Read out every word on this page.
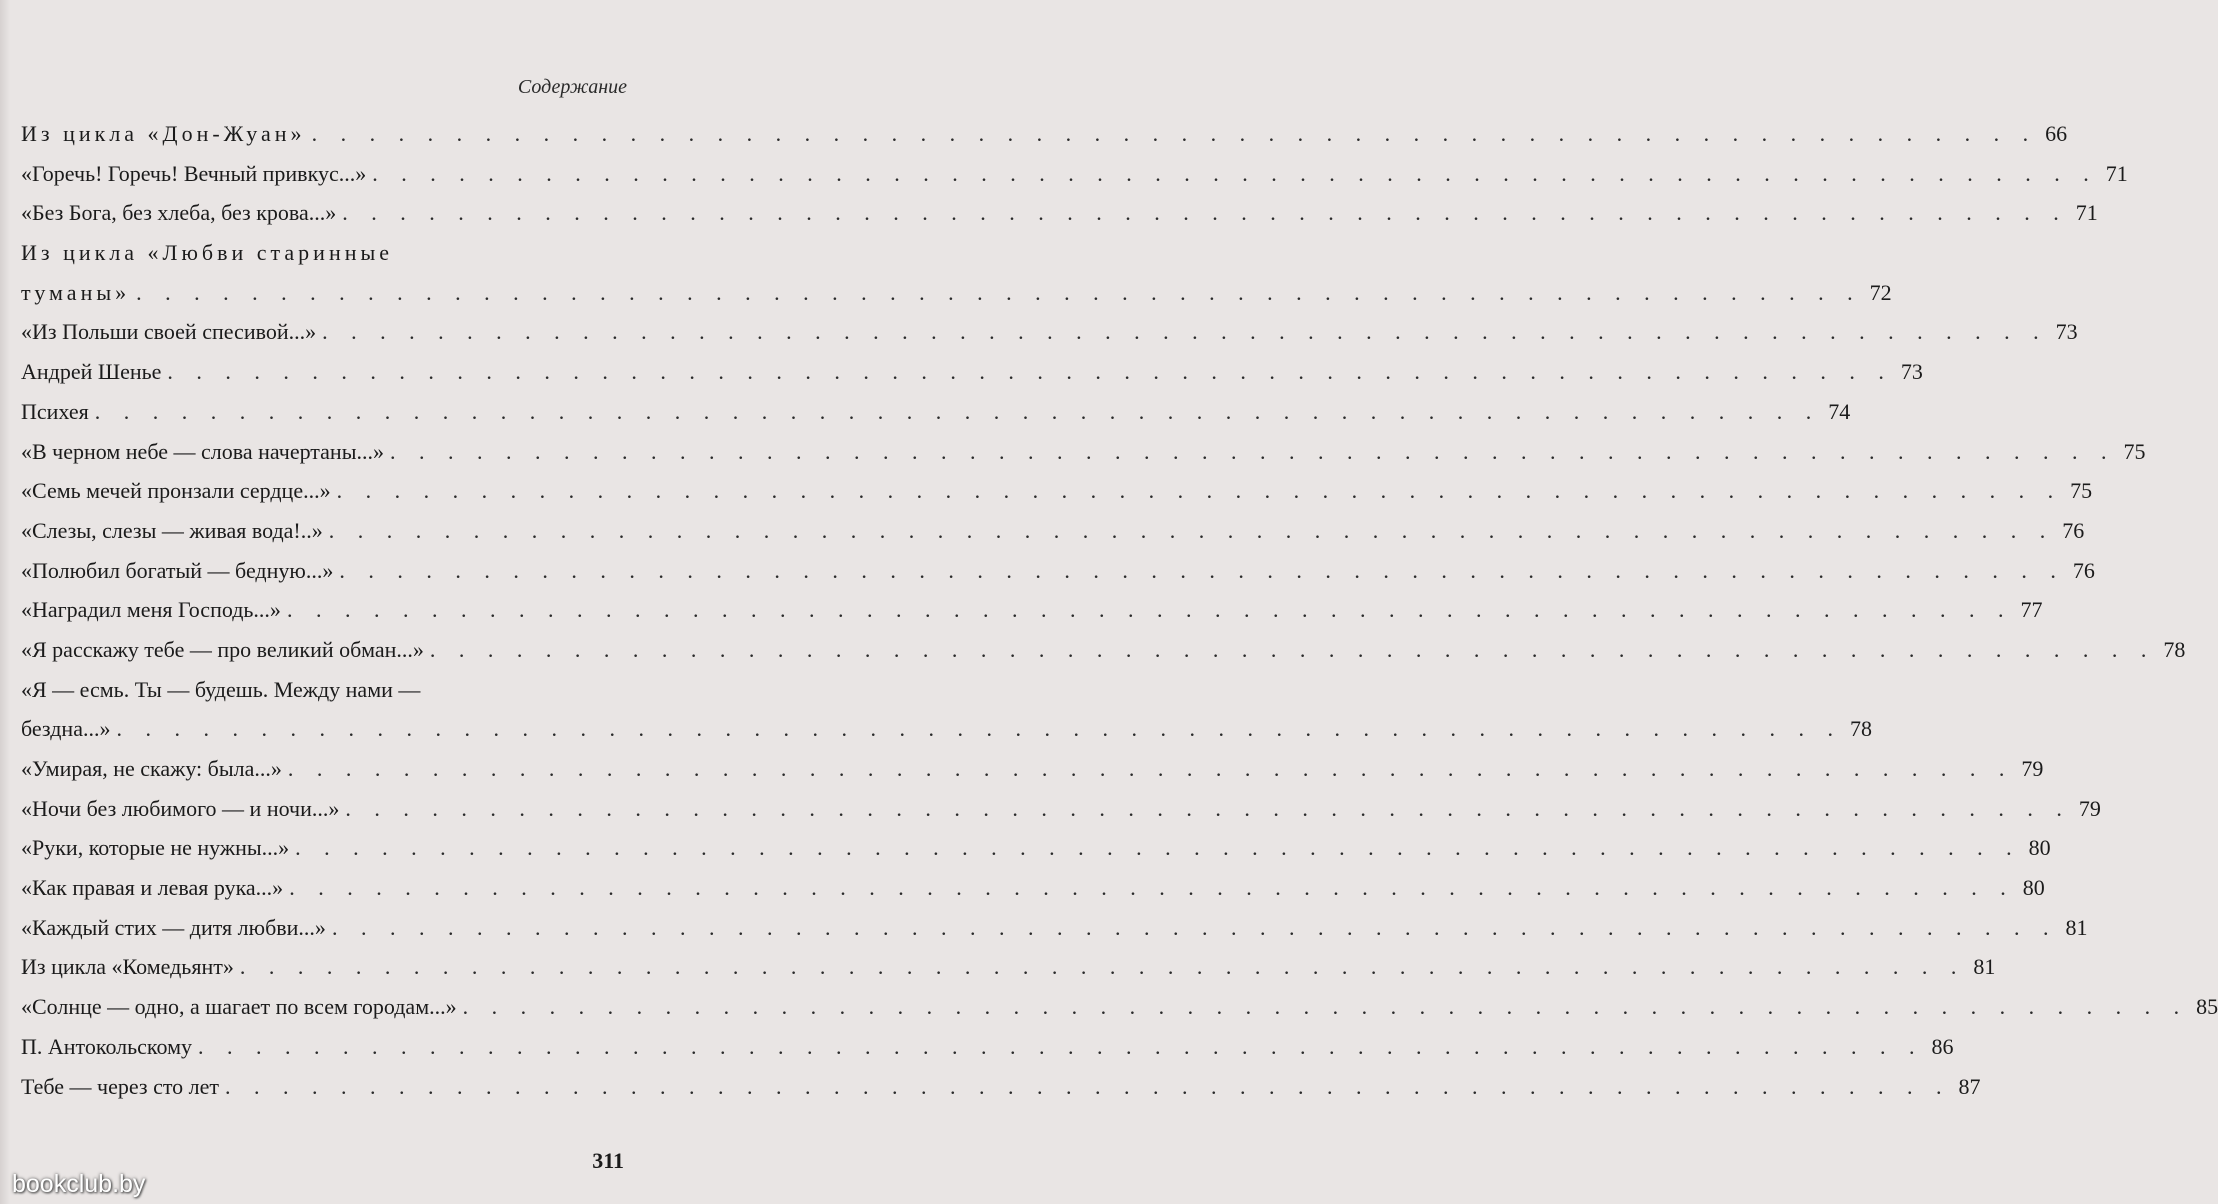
Содержание
Из цикла «Дон-Жуан» . . . . . . . . . . . . . . . . . . . . . . . . . . . . . . . . . . . . . . . . . . . . . . . . . . . . . . . . . . . . 66
«Горечь! Горечь! Вечный привкус...» . . . . . . . . . . . . . . . . . . . . . . . . . . . . . . . . . . . . . . . . . . . . . . . . . . . . . . . . . . . . 71
«Без Бога, без хлеба, без крова...» . . . . . . . . . . . . . . . . . . . . . . . . . . . . . . . . . . . . . . . . . . . . . . . . . . . . . . . . . . . . 71
Из цикла «Любви старинные
туманы» . . . . . . . . . . . . . . . . . . . . . . . . . . . . . . . . . . . . . . . . . . . . . . . . . . . . . . . . . . . . 72
«Из Польши своей спесивой...» . . . . . . . . . . . . . . . . . . . . . . . . . . . . . . . . . . . . . . . . . . . . . . . . . . . . . . . . . . . . 73
Андрей Шенье . . . . . . . . . . . . . . . . . . . . . . . . . . . . . . . . . . . . . . . . . . . . . . . . . . . . . . . . . . . . 73
Психея . . . . . . . . . . . . . . . . . . . . . . . . . . . . . . . . . . . . . . . . . . . . . . . . . . . . . . . . . . . . 74
«В черном небе — слова начертаны...» . . . . . . . . . . . . . . . . . . . . . . . . . . . . . . . . . . . . . . . . . . . . . . . . . . . . . . . . . . . . 75
«Семь мечей пронзали сердце...» . . . . . . . . . . . . . . . . . . . . . . . . . . . . . . . . . . . . . . . . . . . . . . . . . . . . . . . . . . . . 75
«Слезы, слезы — живая вода!..» . . . . . . . . . . . . . . . . . . . . . . . . . . . . . . . . . . . . . . . . . . . . . . . . . . . . . . . . . . . . 76
«Полюбил богатый — бедную...» . . . . . . . . . . . . . . . . . . . . . . . . . . . . . . . . . . . . . . . . . . . . . . . . . . . . . . . . . . . . 76
«Наградил меня Господь...» . . . . . . . . . . . . . . . . . . . . . . . . . . . . . . . . . . . . . . . . . . . . . . . . . . . . . . . . . . . . 77
«Я расскажу тебе — про великий обман...» . . . . . . . . . . . . . . . . . . . . . . . . . . . . . . . . . . . . . . . . . . . . . . . . . . . . . . . . . . . . 78
«Я — есмь. Ты — будешь. Между нами —
бездна...» . . . . . . . . . . . . . . . . . . . . . . . . . . . . . . . . . . . . . . . . . . . . . . . . . . . . . . . . . . . . 78
«Умирая, не скажу: была...» . . . . . . . . . . . . . . . . . . . . . . . . . . . . . . . . . . . . . . . . . . . . . . . . . . . . . . . . . . . . 79
«Ночи без любимого — и ночи...» . . . . . . . . . . . . . . . . . . . . . . . . . . . . . . . . . . . . . . . . . . . . . . . . . . . . . . . . . . . . 79
«Руки, которые не нужны...» . . . . . . . . . . . . . . . . . . . . . . . . . . . . . . . . . . . . . . . . . . . . . . . . . . . . . . . . . . . . 80
«Как правая и левая рука...» . . . . . . . . . . . . . . . . . . . . . . . . . . . . . . . . . . . . . . . . . . . . . . . . . . . . . . . . . . . . 80
«Каждый стих — дитя любви...» . . . . . . . . . . . . . . . . . . . . . . . . . . . . . . . . . . . . . . . . . . . . . . . . . . . . . . . . . . . . 81
Из цикла «Комедьянт» . . . . . . . . . . . . . . . . . . . . . . . . . . . . . . . . . . . . . . . . . . . . . . . . . . . . . . . . . . . . 81
«Солнце — одно, а шагает по всем городам...» . . . . . . . . . . . . . . . . . . . . . . . . . . . . . . . . . . . . . . . . . . . . . . . . . . . . . . . . . . . . 85
П. Антокольскому . . . . . . . . . . . . . . . . . . . . . . . . . . . . . . . . . . . . . . . . . . . . . . . . . . . . . . . . . . . . 86
Тебе — через сто лет . . . . . . . . . . . . . . . . . . . . . . . . . . . . . . . . . . . . . . . . . . . . . . . . . . . . . . . . . . . . 87
311
bookclub.by
